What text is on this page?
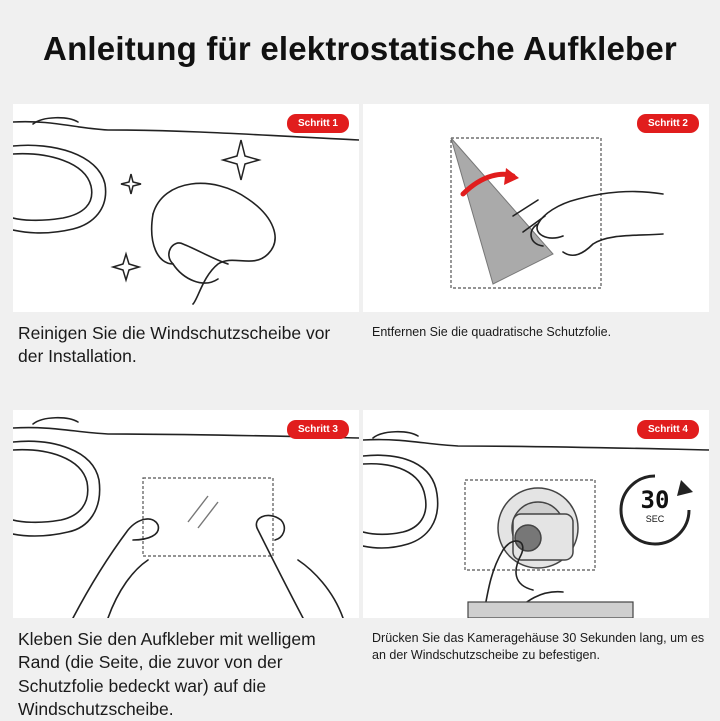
Anleitung für elektrostatische Aufkleber
Schritt 1
Reinigen Sie die Windschutzscheibe vor der Installation.
Schritt 2
Entfernen Sie die quadratische Schutzfolie.
Schritt 3
Kleben Sie den Aufkleber mit welligem Rand (die Seite, die zuvor von der Schutzfolie bedeckt war) auf die Windschutzscheibe.
30
SEC
Schritt 4
Drücken Sie das Kameragehäuse 30 Sekunden lang, um es an der Windschutzscheibe zu befestigen.
